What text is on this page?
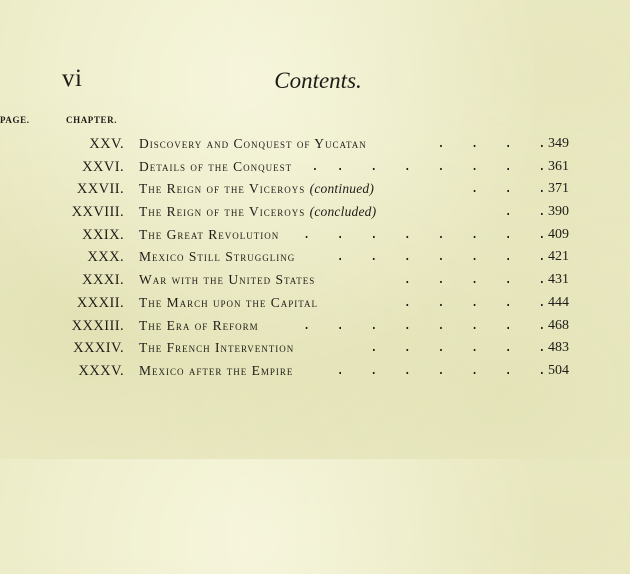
vi	Contents.
CHAPTER.
PAGE.
XXV. Discovery and Conquest of Yucatan	.   .   .   . 349
XXVI. Details of the Conquest .  .   .   .   .   .   .   . 361
XXVII. The Reign of the Viceroys (continued)	.   .   . 371
XXVIII. The Reign of the Viceroys (concluded)	.   . 390
XXIX. The Great Revolution .   .   .   .   .   .   .   . 409
XXX. Mexico Still Struggling	.   .   .   .   .   .   . 421
XXXI. War with the United States	.   .   .   .   . 431
XXXII. The March upon the Capital	.   .   .   .   . 444
XXXIII. The Era of Reform	.   .   .   .   .   .   .   . 468
XXXIV. The French Intervention	.   .   .   .   .   . 483
XXXV. Mexico after the Empire	.   .   .   .   .   .   . 504
